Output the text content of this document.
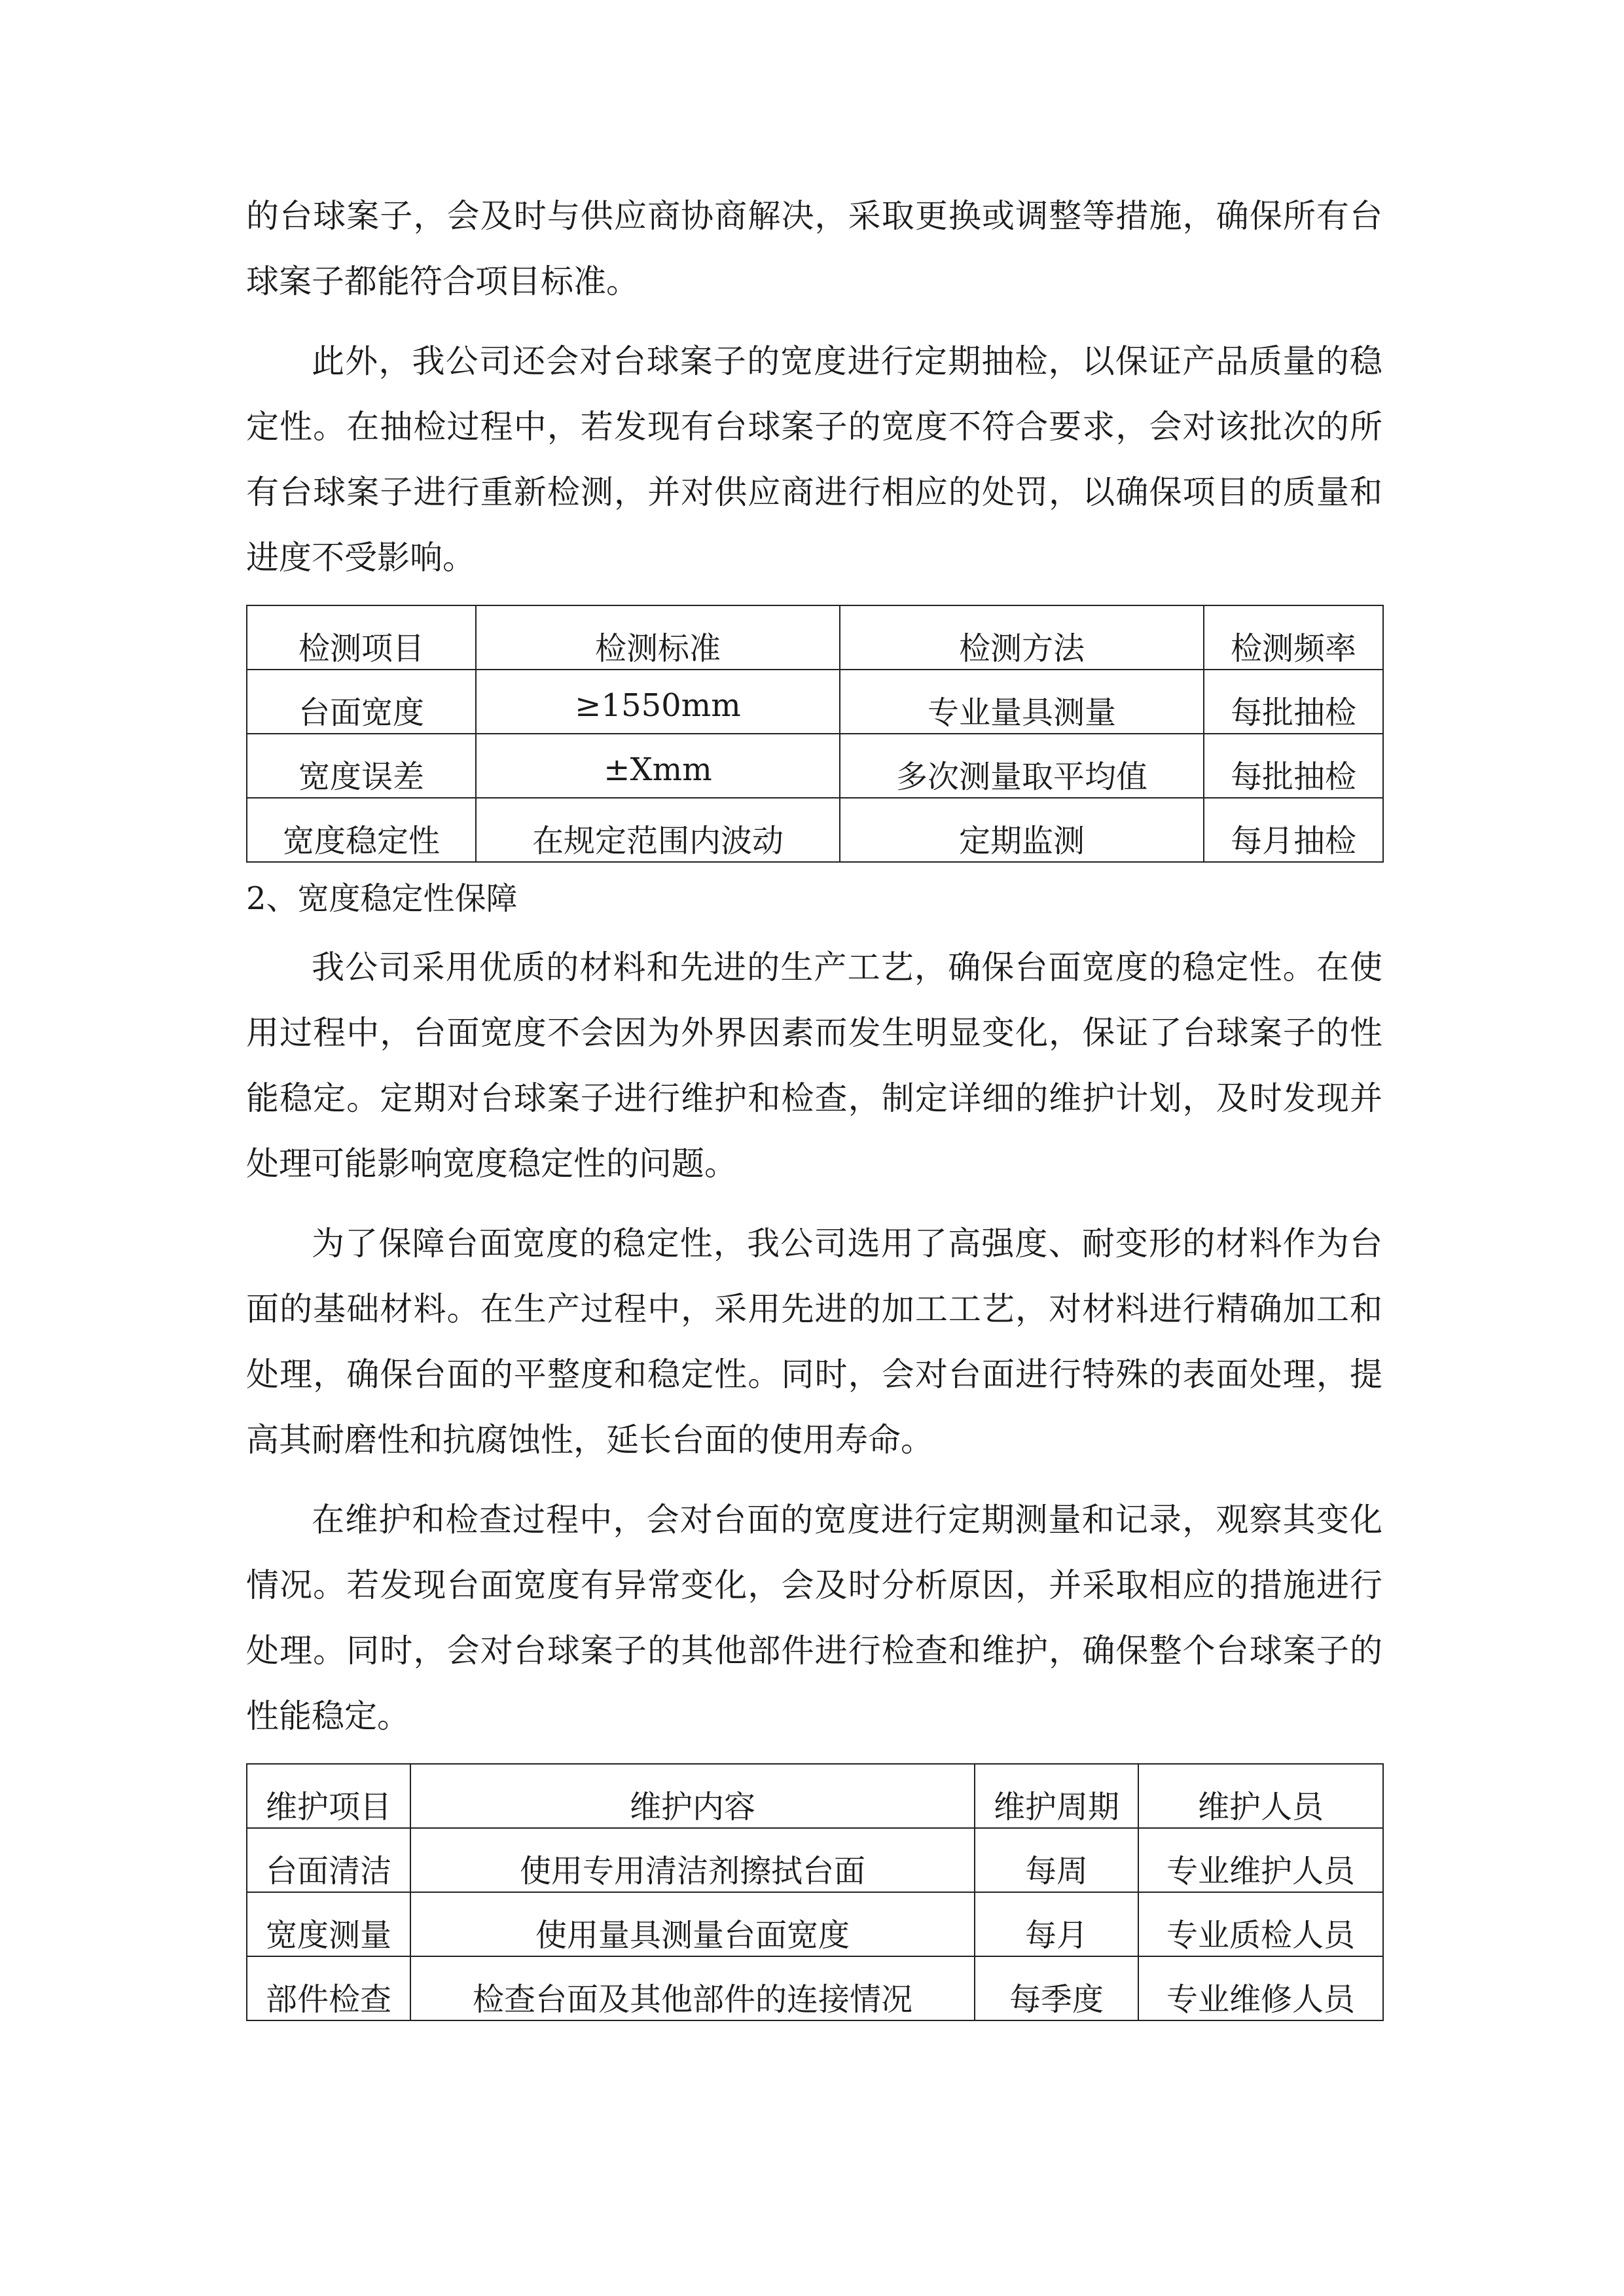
的台球案子，会及时与供应商协商解决，采取更换或调整等措施，确保所有台球案子都能符合项目标准。

此外，我公司还会对台球案子的宽度进行定期抽检，以保证产品质量的稳定性。在抽检过程中，若发现有台球案子的宽度不符合要求，会对该批次的所有台球案子进行重新检测，并对供应商进行相应的处罚，以确保项目的质量和进度不受影响。

检测项目	检测标准	检测方法	检测频率
台面宽度	≥1550mm	专业量具测量	每批抽检
宽度误差	±Xmm	多次测量取平均值	每批抽检
宽度稳定性	在规定范围内波动	定期监测	每月抽检

2、宽度稳定性保障

我公司采用优质的材料和先进的生产工艺，确保台面宽度的稳定性。在使用过程中，台面宽度不会因为外界因素而发生明显变化，保证了台球案子的性能稳定。定期对台球案子进行维护和检查，制定详细的维护计划，及时发现并处理可能影响宽度稳定性的问题。

为了保障台面宽度的稳定性，我公司选用了高强度、耐变形的材料作为台面的基础材料。在生产过程中，采用先进的加工工艺，对材料进行精确加工和处理，确保台面的平整度和稳定性。同时，会对台面进行特殊的表面处理，提高其耐磨性和抗腐蚀性，延长台面的使用寿命。

在维护和检查过程中，会对台面的宽度进行定期测量和记录，观察其变化情况。若发现台面宽度有异常变化，会及时分析原因，并采取相应的措施进行处理。同时，会对台球案子的其他部件进行检查和维护，确保整个台球案子的性能稳定。

维护项目	维护内容	维护周期	维护人员
台面清洁	使用专用清洁剂擦拭台面	每周	专业维护人员
宽度测量	使用量具测量台面宽度	每月	专业质检人员
部件检查	检查台面及其他部件的连接情况	每季度	专业维修人员
